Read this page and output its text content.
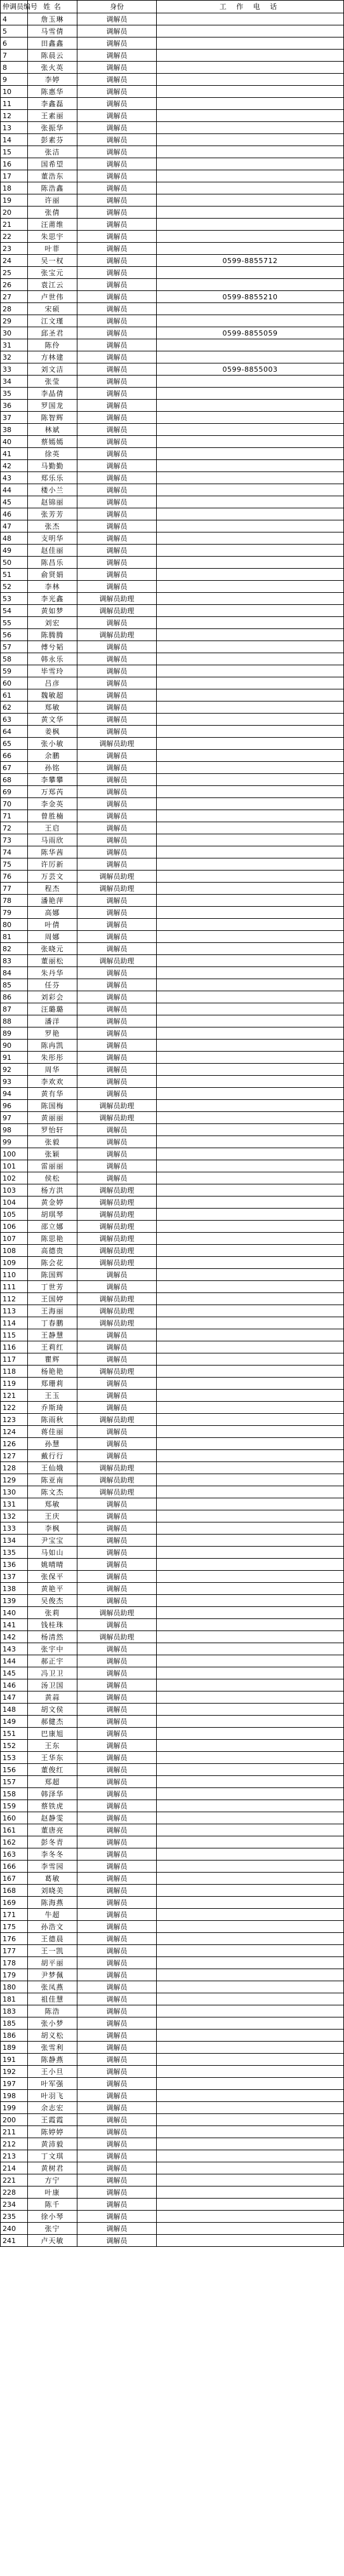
仲调员编号	姓 名	身份	工 作 电 话
4	詹玉琳	调解员	
5	马雪倩	调解员	
6	田鑫鑫	调解员	
7	陈晨云	调解员	
8	张火英	调解员	
9	李婷	调解员	
10	陈惠华	调解员	
11	李鑫磊	调解员	
12	王素丽	调解员	
13	张振华	调解员	
14	彭素芬	调解员	
15	张洁	调解员	
16	国希望	调解员	
17	董浩东	调解员	
18	陈浩鑫	调解员	
19	许丽	调解员	
20	张倩	调解员	
21	汪莆维	调解员	
22	朱思宇	调解员	
23	叶菲	调解员	
24	吴一权	调解员	0599-8855712
25	张宝元	调解员	
26	袁江云	调解员	
27	卢世伟	调解员	0599-8855210
28	宋硕	调解员	
29	江文瑾	调解员	
30	邱圣君	调解员	0599-8855059
31	陈伶	调解员	
32	方林建	调解员	
33	刘文洁	调解员	0599-8855003
34	张莹	调解员	
35	李晶倩	调解员	
36	罗国龙	调解员	
37	陈智辉	调解员	
38	林斌	调解员	
40	蔡嫣嫣	调解员	
41	徐英	调解员	
42	马勤勤	调解员	
43	郑乐乐	调解员	
44	楼小兰	调解员	
45	赵锦丽	调解员	
46	张芳芳	调解员	
47	张杰	调解员	
48	支明华	调解员	
49	赵佳丽	调解员	
50	陈昌乐	调解员	
51	俞贤娟	调解员	
52	李林	调解员	
53	李光鑫	调解员助理	
54	黄如梦	调解员助理	
55	刘宏	调解员	
56	陈腾腾	调解员助理	
57	傅兮韬	调解员	
58	韩永乐	调解员	
59	毕雪玲	调解员	
60	吕彦	调解员	
61	魏敏超	调解员	
62	郑敏	调解员	
63	黄文华	调解员	
64	姜枫	调解员	
65	张小敏	调解员助理	
66	余鹏	调解员	
67	孙铭	调解员	
68	李攀攀	调解员	
69	万郑芮	调解员	
70	李金英	调解员	
71	曾胜楠	调解员	
72	王启	调解员	
73	马雨欣	调解员	
74	陈华茜	调解员	
75	许厉新	调解员	
76	万芸文	调解员助理	
77	程杰	调解员助理	
78	潘艳萍	调解员	
79	高娜	调解员	
80	叶倩	调解员	
81	周娜	调解员	
82	张晓元	调解员	
83	董丽松	调解员助理	
84	朱丹华	调解员	
85	任芬	调解员	
86	刘彩会	调解员	
87	汪璐璐	调解员	
88	潘洋	调解员	
89	罗艳	调解员	
90	陈冉凯	调解员	
91	朱彤彤	调解员	
92	周华	调解员	
93	李欢欢	调解员	
94	黄有华	调解员	
96	陈国梅	调解员助理	
97	黄丽丽	调解员助理	
98	罗怡轩	调解员	
99	张毅	调解员	
100	张颖	调解员	
101	雷丽丽	调解员	
102	侯松	调解员	
103	杨方洪	调解员助理	
104	黄金婷	调解员助理	
105	胡琪琴	调解员助理	
106	邵立娜	调解员助理	
107	陈思艳	调解员助理	
108	高德贵	调解员助理	
109	陈会花	调解员助理	
110	陈国辉	调解员	
111	丁世芳	调解员	
112	王国婷	调解员助理	
113	王海丽	调解员助理	
114	丁春鹏	调解员助理	
115	王静慧	调解员	
116	王莉红	调解员	
117	瞿辉	调解员	
118	杨艳艳	调解员助理	
119	郑珊莉	调解员	
121	王玉	调解员	
122	乔斯琦	调解员	
123	陈雨秋	调解员助理	
124	蒋佳丽	调解员	
126	孙慧	调解员	
127	戴行行	调解员	
128	王仙娥	调解员助理	
129	陈亚南	调解员助理	
130	陈文杰	调解员助理	
131	郑敏	调解员	
132	王庆	调解员	
133	李枫	调解员	
134	尹宝宝	调解员	
135	马如山	调解员	
136	姚晴晴	调解员	
137	张保平	调解员	
138	黄艳平	调解员	
139	吴俊杰	调解员	
140	张莉	调解员助理	
141	钱桂珠	调解员	
142	杨清然	调解员助理	
143	张宇中	调解员	
144	郝正宇	调解员	
145	冯卫卫	调解员	
146	汤卫国	调解员	
147	黄蒜	调解员	
148	胡文侯	调解员	
149	郝健杰	调解员	
151	巴康旭	调解员	
152	王东	调解员	
153	王华东	调解员	
156	董俊红	调解员	
157	郑超	调解员	
158	韩泽华	调解员	
159	蔡铁虎	调解员	
160	赵静雯	调解员	
161	董唐亮	调解员	
162	彭冬青	调解员	
163	李冬冬	调解员	
166	李雪园	调解员	
167	葛敏	调解员	
168	刘晓美	调解员	
169	陈海燕	调解员	
171	牛超	调解员	
175	孙浩文	调解员	
176	王德晨	调解员	
177	王一凯	调解员	
178	胡平丽	调解员	
179	尹梦佩	调解员	
180	张凤燕	调解员	
181	祖佳慧	调解员	
183	陈浩	调解员	
185	张小梦	调解员	
186	胡义松	调解员	
189	张雪利	调解员	
191	陈静燕	调解员	
192	王小旦	调解员	
197	叶军强	调解员	
198	叶羽飞	调解员	
199	余志宏	调解员	
200	王霞霞	调解员	
211	陈婷婷	调解员	
212	黄沛毅	调解员	
213	丁文琪	调解员	
214	黄树君	调解员	
221	方宁	调解员	
228	叶康	调解员	
234	陈千	调解员	
235	徐小琴	调解员	
240	张宁	调解员	
241	卢天敏	调解员	
